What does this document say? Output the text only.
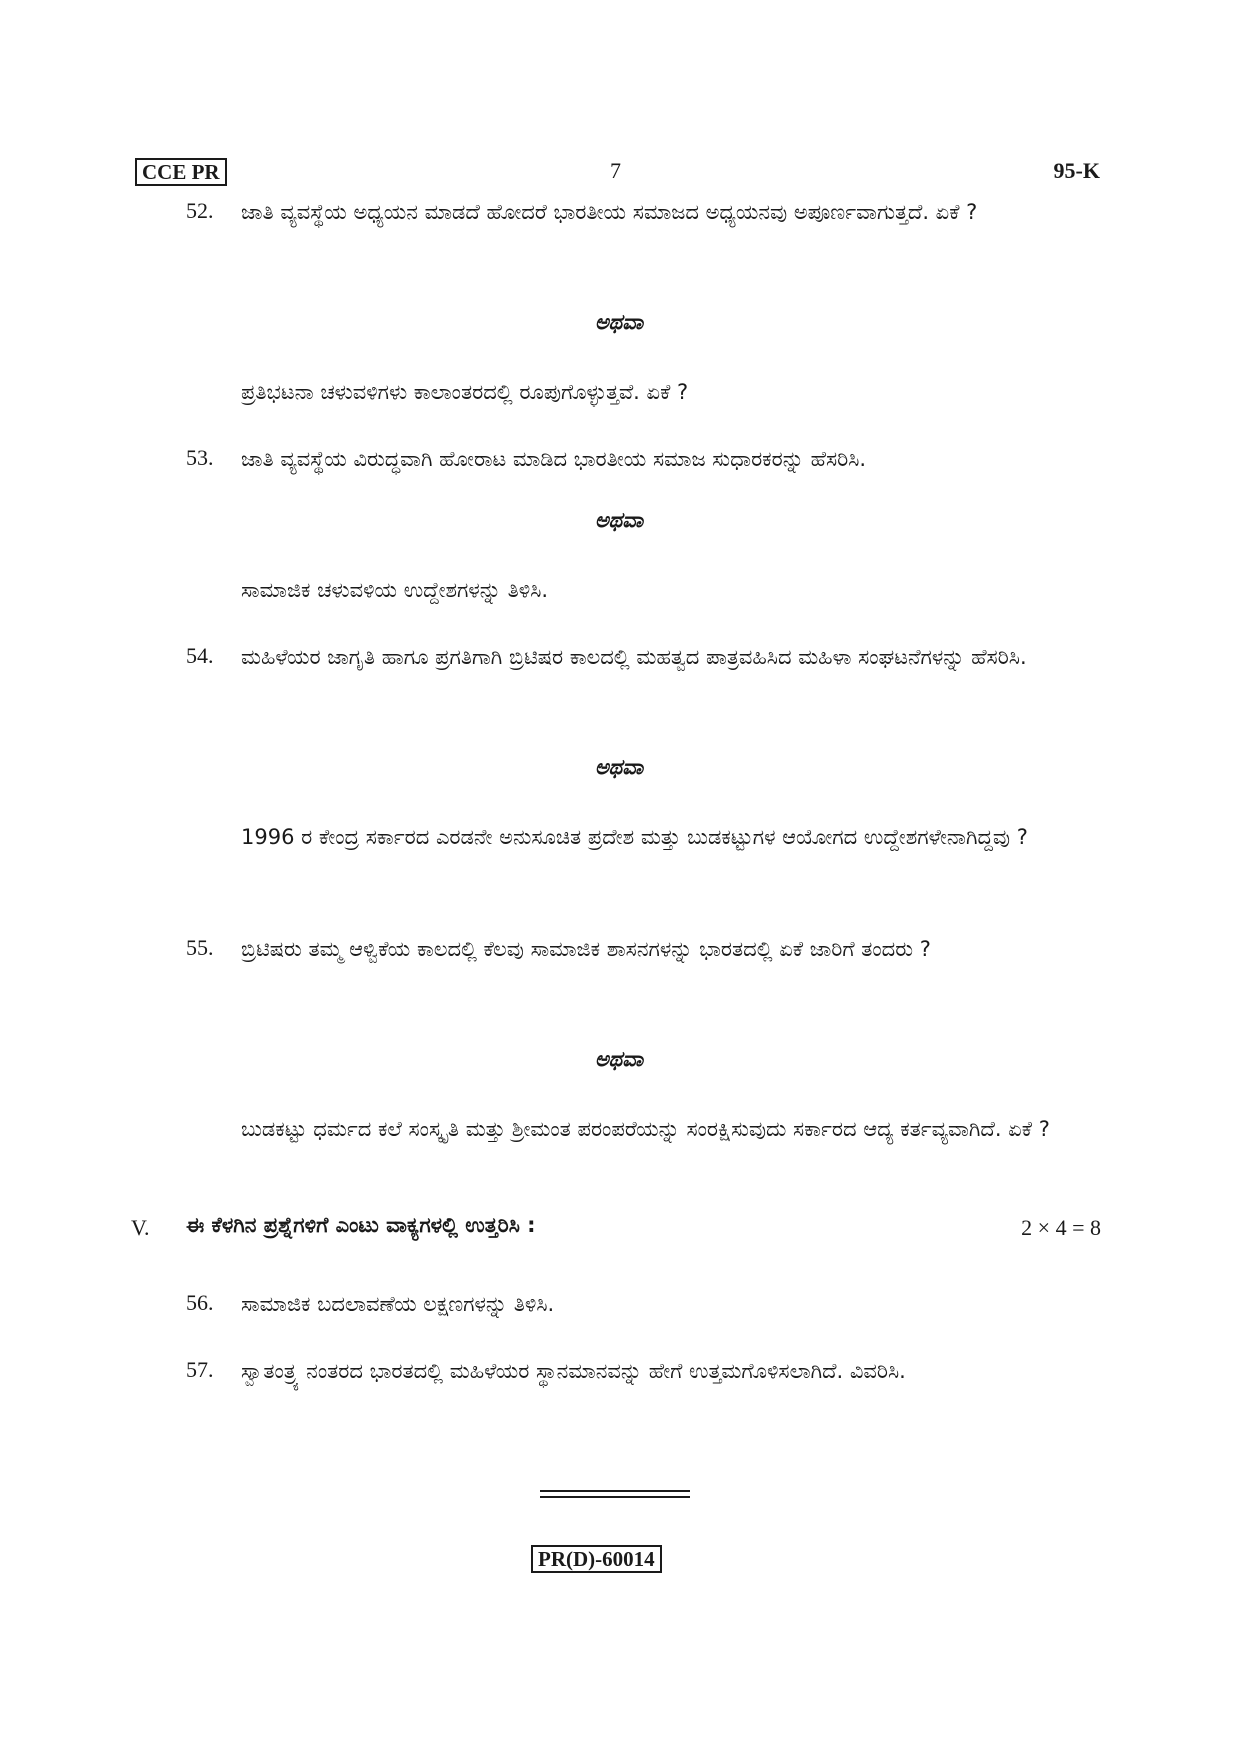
CCE PR	7	95-K
52. ಜಾತಿ ವ್ಯವಸ್ಥೆಯ ಅಧ್ಯಯನ ಮಾಡದೆ ಹೋದರೆ ಭಾರತೀಯ ಸಮಾಜದ ಅಧ್ಯಯನವು ಅಪೂರ್ಣವಾಗುತ್ತದೆ. ಏಕೆ ?
ಅಥವಾ
ಪ್ರತಿಭಟನಾ ಚಳುವಳಿಗಳು ಕಾಲಾಂತರದಲ್ಲಿ ರೂಪುಗೊಳ್ಳುತ್ತವೆ. ಏಕೆ ?
53. ಜಾತಿ ವ್ಯವಸ್ಥೆಯ ವಿರುದ್ಧವಾಗಿ ಹೋರಾಟ ಮಾಡಿದ ಭಾರತೀಯ ಸಮಾಜ ಸುಧಾರಕರನ್ನು ಹೆಸರಿಸಿ.
ಅಥವಾ
ಸಾಮಾಜಿಕ ಚಳುವಳಿಯ ಉದ್ದೇಶಗಳನ್ನು ತಿಳಿಸಿ.
54. ಮಹಿಳೆಯರ ಜಾಗೃತಿ ಹಾಗೂ ಪ್ರಗತಿಗಾಗಿ ಬ್ರಿಟಿಷರ ಕಾಲದಲ್ಲಿ ಮಹತ್ವದ ಪಾತ್ರವಹಿಸಿದ ಮಹಿಳಾ ಸಂಘಟನೆಗಳನ್ನು ಹೆಸರಿಸಿ.
ಅಥವಾ
1996 ರ ಕೇಂದ್ರ ಸರ್ಕಾರದ ಎರಡನೇ ಅನುಸೂಚಿತ ಪ್ರದೇಶ ಮತ್ತು ಬುಡಕಟ್ಟುಗಳ ಆಯೋಗದ ಉದ್ದೇಶಗಳೇನಾಗಿದ್ದವು ?
55. ಬ್ರಿಟಿಷರು ತಮ್ಮ ಆಳ್ವಿಕೆಯ ಕಾಲದಲ್ಲಿ ಕೆಲವು ಸಾಮಾಜಿಕ ಶಾಸನಗಳನ್ನು ಭಾರತದಲ್ಲಿ ಏಕೆ ಜಾರಿಗೆ ತಂದರು ?
ಅಥವಾ
ಬುಡಕಟ್ಟು ಧರ್ಮದ ಕಲೆ ಸಂಸ್ಕೃತಿ ಮತ್ತು ಶ್ರೀಮಂತ ಪರಂಪರೆಯನ್ನು ಸಂರಕ್ಷಿಸುವುದು ಸರ್ಕಾರದ ಆದ್ಯ ಕರ್ತವ್ಯವಾಗಿದೆ. ಏಕೆ ?
V. ಈ ಕೆಳಗಿನ ಪ್ರಶ್ನೆಗಳಿಗೆ ಎಂಟು ವಾಕ್ಯಗಳಲ್ಲಿ ಉತ್ತರಿಸಿ :	2 × 4 = 8
56. ಸಾಮಾಜಿಕ ಬದಲಾವಣೆಯ ಲಕ್ಷಣಗಳನ್ನು ತಿಳಿಸಿ.
57. ಸ್ವಾತಂತ್ರ್ಯ ನಂತರದ ಭಾರತದಲ್ಲಿ ಮಹಿಳೆಯರ ಸ್ಥಾನಮಾನವನ್ನು ಹೇಗೆ ಉತ್ತಮಗೊಳಿಸಲಾಗಿದೆ. ವಿವರಿಸಿ.
PR(D)-60014
